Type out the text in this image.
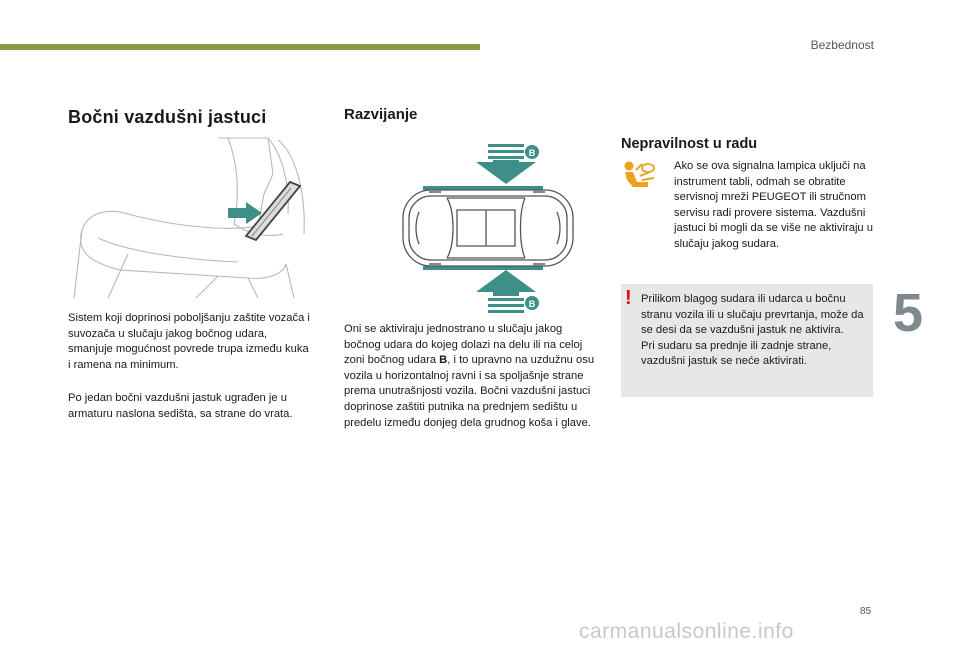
Bezbednost
Bočni vazdušni jastuci	Razvijanje
Nepravilnost u radu
B
B

Sistem koji doprinosi poboljšanju zaštite vozača i suvozača u slučaju jakog bočnog udara, smanjuje mogućnost povrede trupa između kuka i ramena na minimum.

Po jedan bočni vazdušni jastuk ugrađen je u armaturu naslona sedišta, sa strane do vrata.

Oni se aktiviraju jednostrano u slučaju jakog bočnog udara do kojeg dolazi na delu ili na celoj zoni bočnog udara B, i to upravno na uzdužnu osu vozila u horizontalnoj ravni i sa spoljašnje strane prema unutrašnjosti vozila. Bočni vazdušni jastuci doprinose zaštiti putnika na prednjem sedištu u predelu između donjeg dela grudnog koša i glave.

Ako se ova signalna lampica uključi na instrument tabli, odmah se obratite servisnoj mreži PEUGEOT ili stručnom servisu radi provere sistema. Vazdušni jastuci bi mogli da se više ne aktiviraju u slučaju jakog sudara.

! Prilikom blagog sudara ili udarca u bočnu stranu vozila ili u slučaju prevrtanja, može da se desi da se vazdušni jastuk ne aktivira.
Pri sudaru sa prednje ili zadnje strane, vazdušni jastuk se neće aktivirati.

5
85
carmanualsonline.info
